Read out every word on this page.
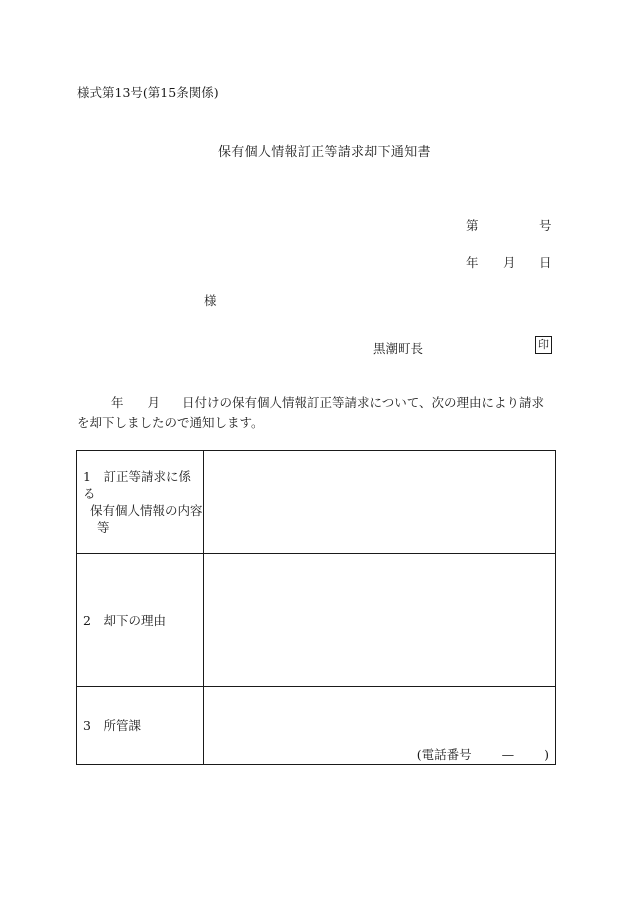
様式第13号(第15条関係)
保有個人情報訂正等請求却下通知書
第	号
年 月 日
様
黒潮町長	印
年 月 日付けの保有個人情報訂正等請求について、次の理由により請求を却下しましたので通知します。
1　訂正等請求に係る
保有個人情報の内容
等	

2　却下の理由	
3　所管課	(電話番号 — )
